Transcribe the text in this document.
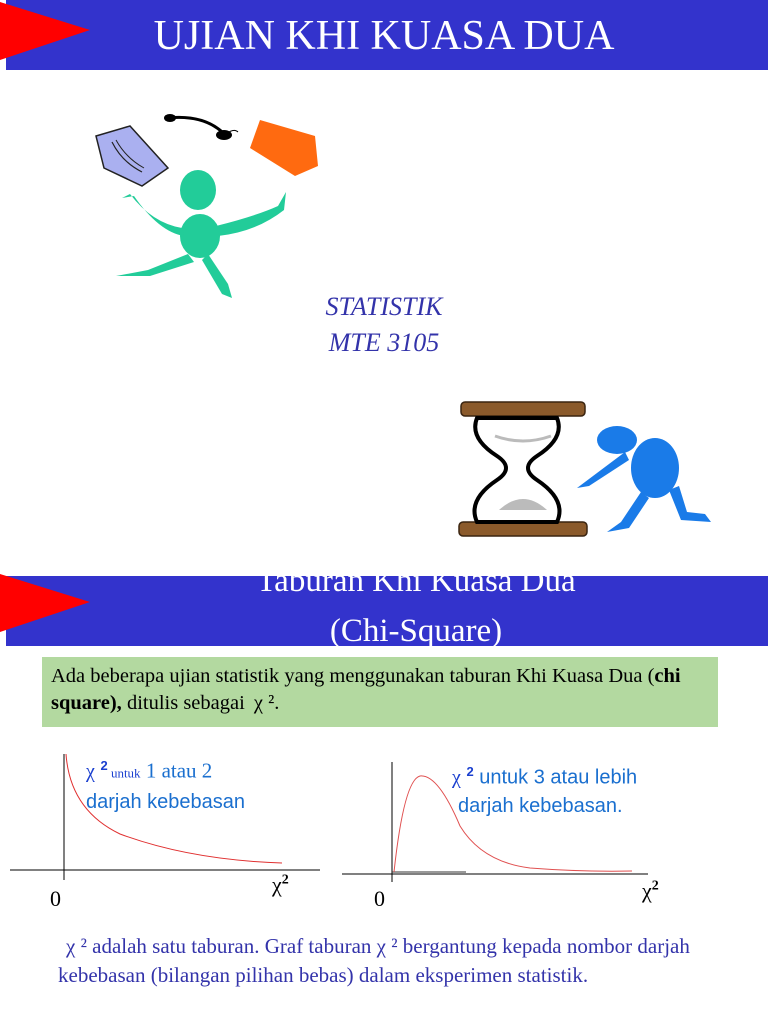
UJIAN KHI KUASA DUA
STATISTIK
MTE 3105
Taburan Khi Kuasa Dua
(Chi-Square)
Ada beberapa ujian statistik yang menggunakan taburan Khi Kuasa Dua (chi square), ditulis sebagai χ ².
χ $^2$ untuk 1 atau 2
darjah kebebasan
0
$\chi^2$
χ $^2$ untuk 3 atau lebih
darjah kebebasan.
0	$\chi^2$
χ ² adalah satu taburan. Graf taburan χ ² bergantung kepada nombor darjah kebebasan (bilangan pilihan bebas) dalam eksperimen statistik.
